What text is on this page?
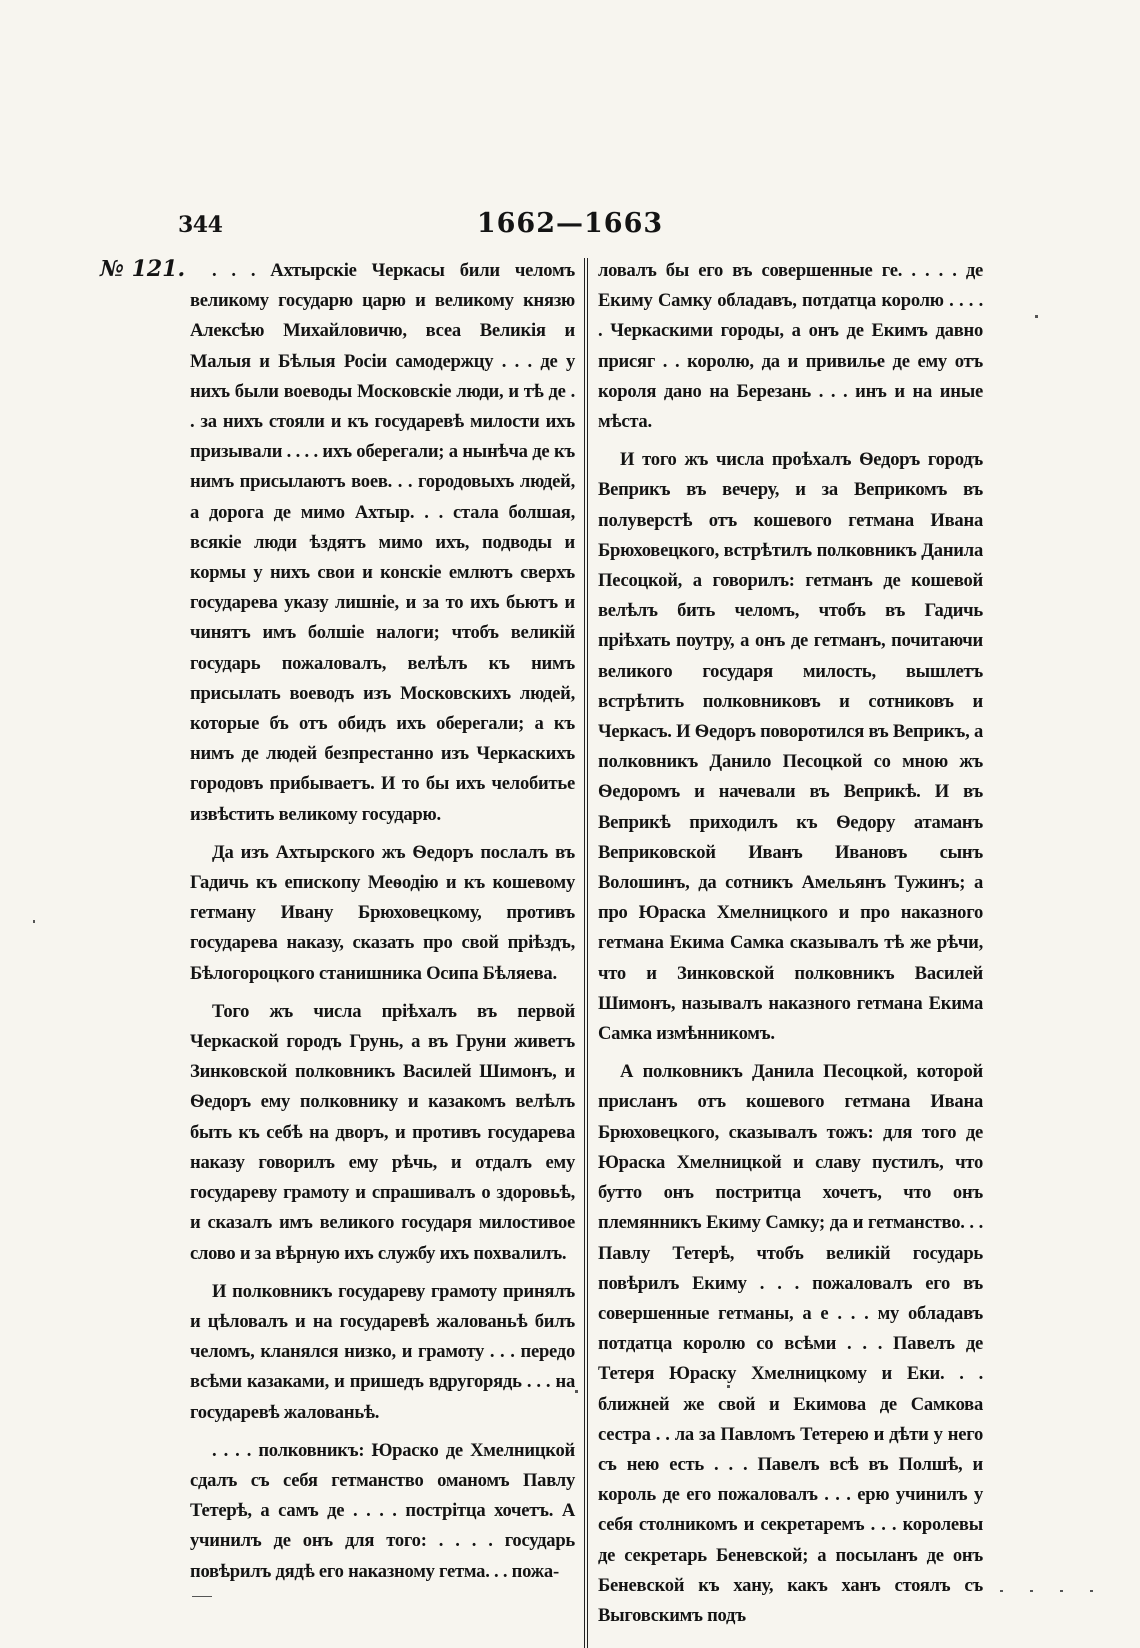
344	1662—1663
№ 121.	. . . Ахтырскіе Черкасы били челомъ великому государю царю и великому князю Алексѣю Михайловичю, всеа Великія и Малыя и Бѣлыя Росіи самодержцу . . . де у нихъ были воеводы Московскіе люди, и тѣ де . . за нихъ стояли и къ государевѣ милости ихъ призывали . . . . ихъ оберегали; а нынѣча де къ нимъ присылаютъ воев. . . городовыхъ людей, а дорога де мимо Ахтыр. . . стала болшая, всякіе люди ѣздятъ мимо ихъ, подводы и кормы у нихъ свои и конскіе емлютъ сверхъ государева указу лишніе, и за то ихъ бьютъ и чинятъ имъ болшіе налоги; чтобъ великій государь пожаловалъ, велѣлъ къ нимъ присылать воеводъ изъ Московскихъ людей, которые бъ отъ обидъ ихъ оберегали; а къ нимъ де людей безпрестанно изъ Черкаскихъ городовъ прибываетъ. И то бы ихъ челобитье извѣстить великому государю.

Да изъ Ахтырского жъ Ѳедоръ послалъ въ Гадичь къ епископу Меѳодію и къ кошевому гетману Ивану Брюховецкому, противъ государева наказу, сказать про свой пріѣздъ, Бѣлогороцкого станишника Осипа Бѣляева.

Того жъ числа пріѣхалъ въ первой Черкаской городъ Грунь, а въ Груни живетъ Зинковской полковникъ Василей Шимонъ, и Ѳедоръ ему полковнику и казакомъ велѣлъ быть къ себѣ на дворъ, и противъ государева наказу говорилъ ему рѣчь, и отдалъ ему государеву грамоту и спрашивалъ о здоровьѣ, и сказалъ имъ великого государя милостивое слово и за вѣрную ихъ службу ихъ похвалилъ.

И полковникъ государеву грамоту принялъ и цѣловалъ и на государевѣ жалованьѣ билъ челомъ, кланялся низко, и грамоту . . . передо всѣми казаками, и пришедъ вдругорядь . . . на государевѣ жалованьѣ.

. . . . полковникъ: Юраско де Хмелницкой сдалъ съ себя гетманство оманомъ Павлу Тетерѣ, а самъ де . . . . пострітца хочетъ. А учинилъ де онъ для того: . . . . государь повѣрилъ дядѣ его наказному гетма. . . пожа-

ловалъ бы его въ совершенные ге. . . . . де Екиму Самку обладавъ, потдатца королю . . . . . Черкаскими городы, а онъ де Екимъ давно присяг . . королю, да и привилье де ему отъ короля дано на Березань . . . инъ и на иные мѣста.

И того жъ числа проѣхалъ Ѳедоръ городъ Веприкъ въ вечеру, и за Веприкомъ въ полуверстѣ отъ кошевого гетмана Ивана Брюховецкого, встрѣтилъ полковникъ Данила Песоцкой, а говорилъ: гетманъ де кошевой велѣлъ бить челомъ, чтобъ въ Гадичь пріѣхать поутру, а онъ де гетманъ, почитаючи великого государя милость, вышлетъ встрѣтить полковниковъ и сотниковъ и Черкасъ. И Ѳедоръ поворотился въ Веприкъ, а полковникъ Данило Песоцкой со мною жъ Ѳедоромъ и начевали въ Веприкѣ. И въ Веприкѣ приходилъ къ Ѳедору атаманъ Веприковской Иванъ Ивановъ сынъ Волошинъ, да сотникъ Амельянъ Тужинъ; а про Юраска Хмелницкого и про наказного гетмана Екима Самка сказывалъ тѣ же рѣчи, что и Зинковской полковникъ Василей Шимонъ, называлъ наказного гетмана Екима Самка измѣнникомъ.

А полковникъ Данила Песоцкой, которой присланъ отъ кошевого гетмана Ивана Брюховецкого, сказывалъ тожъ: для того де Юраска Хмелницкой и славу пустилъ, что бутто онъ постритца хочетъ, что онъ племянникъ Екиму Самку; да и гетманство. . . Павлу Тетерѣ, чтобъ великій государь повѣрилъ Екиму . . . пожаловалъ его въ совершенные гетманы, а е . . . му обладавъ потдатца королю со всѣми . . . Павелъ де Тетеря Юраску Хмелницкому и Еки. . . ближней же свой и Екимова де Самкова сестра . . ла за Павломъ Тетерею и дѣти у него съ нею есть . . . Павелъ всѣ въ Полшѣ, и король де его пожаловалъ . . . ерю учинилъ у себя столникомъ и секретаремъ . . . королевы де секретарь Беневской; а посыланъ де онъ Беневской къ хану, какъ ханъ стоялъ съ Выговскимъ подъ
